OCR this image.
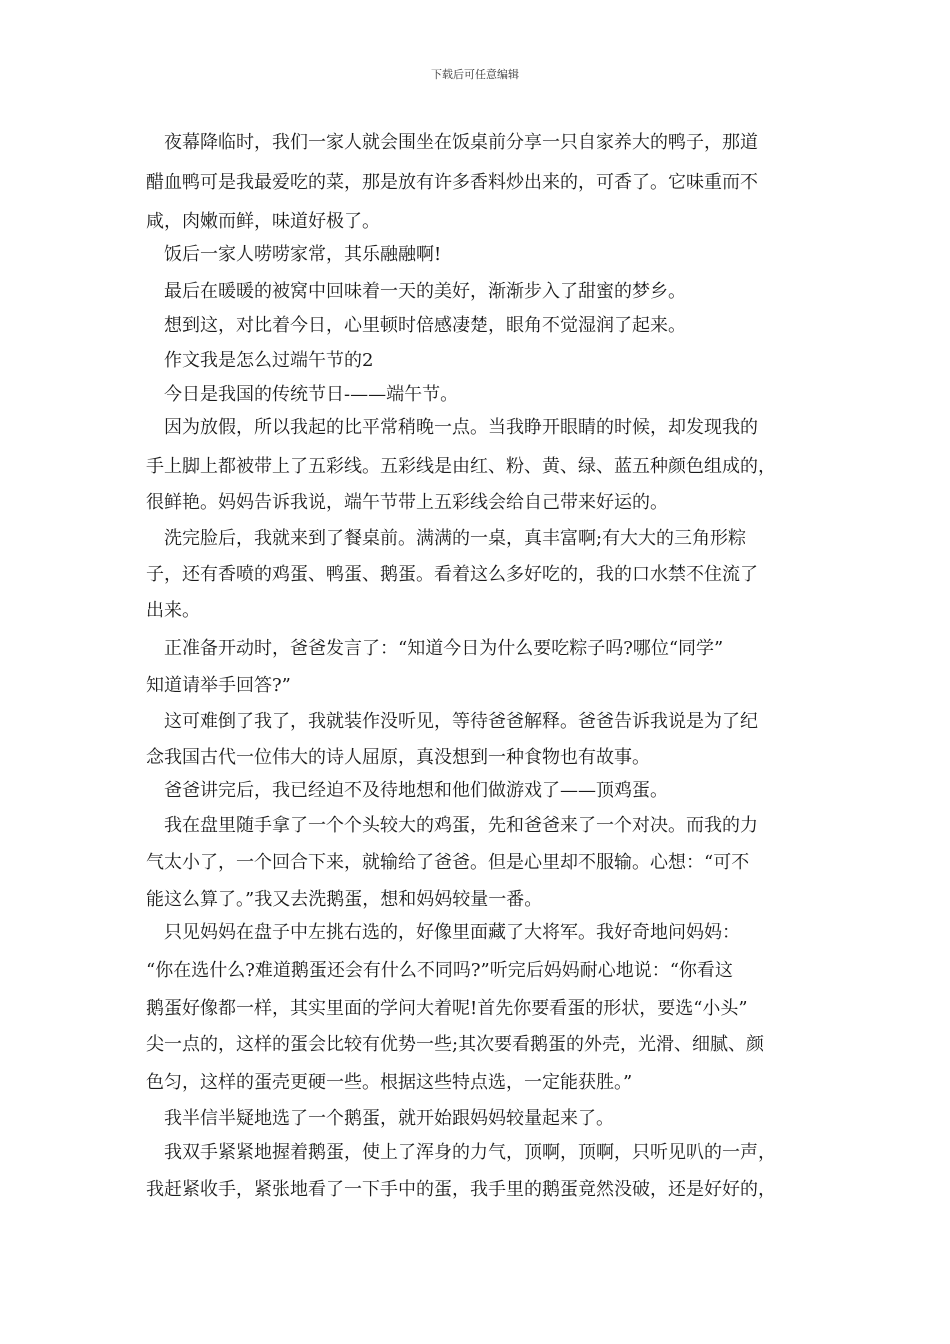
下载后可任意编辑
　夜幕降临时，我们一家人就会围坐在饭桌前分享一只自家养大的鸭子，那道
醋血鸭可是我最爱吃的菜，那是放有许多香料炒出来的，可香了。它味重而不
咸，肉嫩而鲜，味道好极了。
　饭后一家人唠唠家常，其乐融融啊!
　最后在暖暖的被窝中回味着一天的美好，渐渐步入了甜蜜的梦乡。
　想到这，对比着今日，心里顿时倍感凄楚，眼角不觉湿润了起来。
　作文我是怎么过端午节的2
　今日是我国的传统节日-——端午节。
　因为放假，所以我起的比平常稍晚一点。当我睁开眼睛的时候，却发现我的
手上脚上都被带上了五彩线。五彩线是由红、粉、黄、绿、蓝五种颜色组成的，
很鲜艳。妈妈告诉我说，端午节带上五彩线会给自己带来好运的。
　洗完脸后，我就来到了餐桌前。满满的一桌，真丰富啊;有大大的三角形粽
子，还有香喷的鸡蛋、鸭蛋、鹅蛋。看着这么多好吃的，我的口水禁不住流了
出来。
　正准备开动时，爸爸发言了：“知道今日为什么要吃粽子吗?哪位“同学”
知道请举手回答?”
　这可难倒了我了，我就装作没听见，等待爸爸解释。爸爸告诉我说是为了纪
念我国古代一位伟大的诗人屈原，真没想到一种食物也有故事。
　爸爸讲完后，我已经迫不及待地想和他们做游戏了——顶鸡蛋。
　我在盘里随手拿了一个个头较大的鸡蛋，先和爸爸来了一个对决。而我的力
气太小了，一个回合下来，就输给了爸爸。但是心里却不服输。心想：“可不
能这么算了。”我又去洗鹅蛋，想和妈妈较量一番。
　只见妈妈在盘子中左挑右选的，好像里面藏了大将军。我好奇地问妈妈：
“你在选什么?难道鹅蛋还会有什么不同吗?”听完后妈妈耐心地说：“你看这
鹅蛋好像都一样，其实里面的学问大着呢!首先你要看蛋的形状，要选“小头”
尖一点的，这样的蛋会比较有优势一些;其次要看鹅蛋的外壳，光滑、细腻、颜
色匀，这样的蛋壳更硬一些。根据这些特点选，一定能获胜。”
　我半信半疑地选了一个鹅蛋，就开始跟妈妈较量起来了。
　我双手紧紧地握着鹅蛋，使上了浑身的力气，顶啊，顶啊，只听见叭的一声，
我赶紧收手，紧张地看了一下手中的蛋，我手里的鹅蛋竟然没破，还是好好的，
